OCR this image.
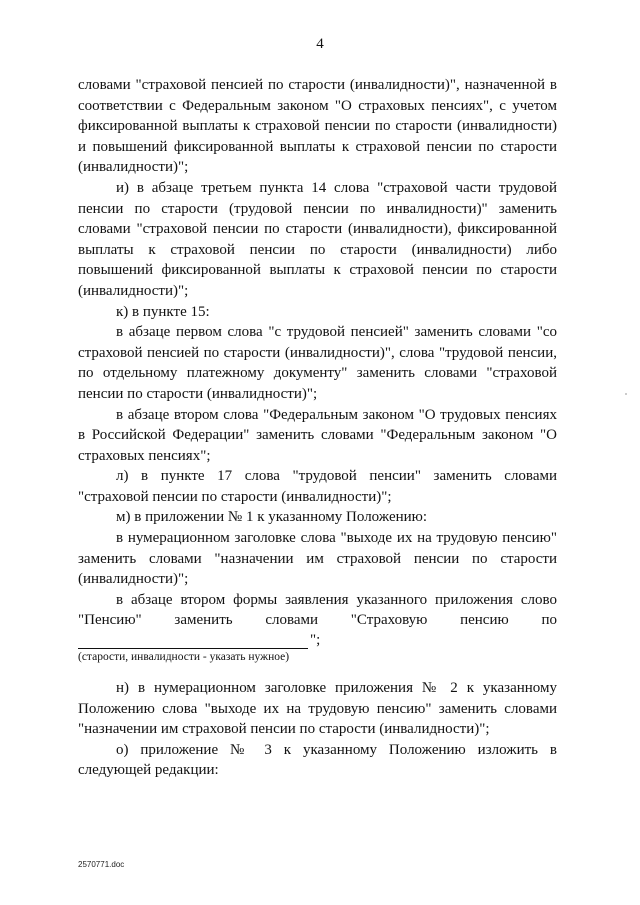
4

словами "страховой пенсией по старости (инвалидности)", назначенной в соответствии с Федеральным законом "О страховых пенсиях", с учетом фиксированной выплаты к страховой пенсии по старости (инвалидности) и повышений фиксированной выплаты к страховой пенсии по старости (инвалидности)";

и) в абзаце третьем пункта 14 слова "страховой части трудовой пенсии по старости (трудовой пенсии по инвалидности)" заменить словами "страховой пенсии по старости (инвалидности), фиксированной выплаты к страховой пенсии по старости (инвалидности) либо повышений фиксированной выплаты к страховой пенсии по старости (инвалидности)";

к) в пункте 15:

в абзаце первом слова "с трудовой пенсией" заменить словами "со страховой пенсией по старости (инвалидности)", слова "трудовой пенсии, по отдельному платежному документу" заменить словами "страховой пенсии по старости (инвалидности)";

в абзаце втором слова "Федеральным законом "О трудовых пенсиях в Российской Федерации" заменить словами "Федеральным законом "О страховых пенсиях";

л) в пункте 17 слова "трудовой пенсии" заменить словами "страховой пенсии по старости (инвалидности)";

м) в приложении № 1 к указанному Положению:

в нумерационном заголовке слова "выходе их на трудовую пенсию" заменить словами "назначении им страховой пенсии по старости (инвалидности)";

в абзаце втором формы заявления указанного приложения слово "Пенсию" заменить словами "Страховую пенсию по

";

(старости, инвалидности - указать нужное)

н) в нумерационном заголовке приложения № 2 к указанному Положению слова "выходе их на трудовую пенсию" заменить словами "назначении им страховой пенсии по старости (инвалидности)";

о) приложение № 3 к указанному Положению изложить в следующей редакции:

2570771.doc
